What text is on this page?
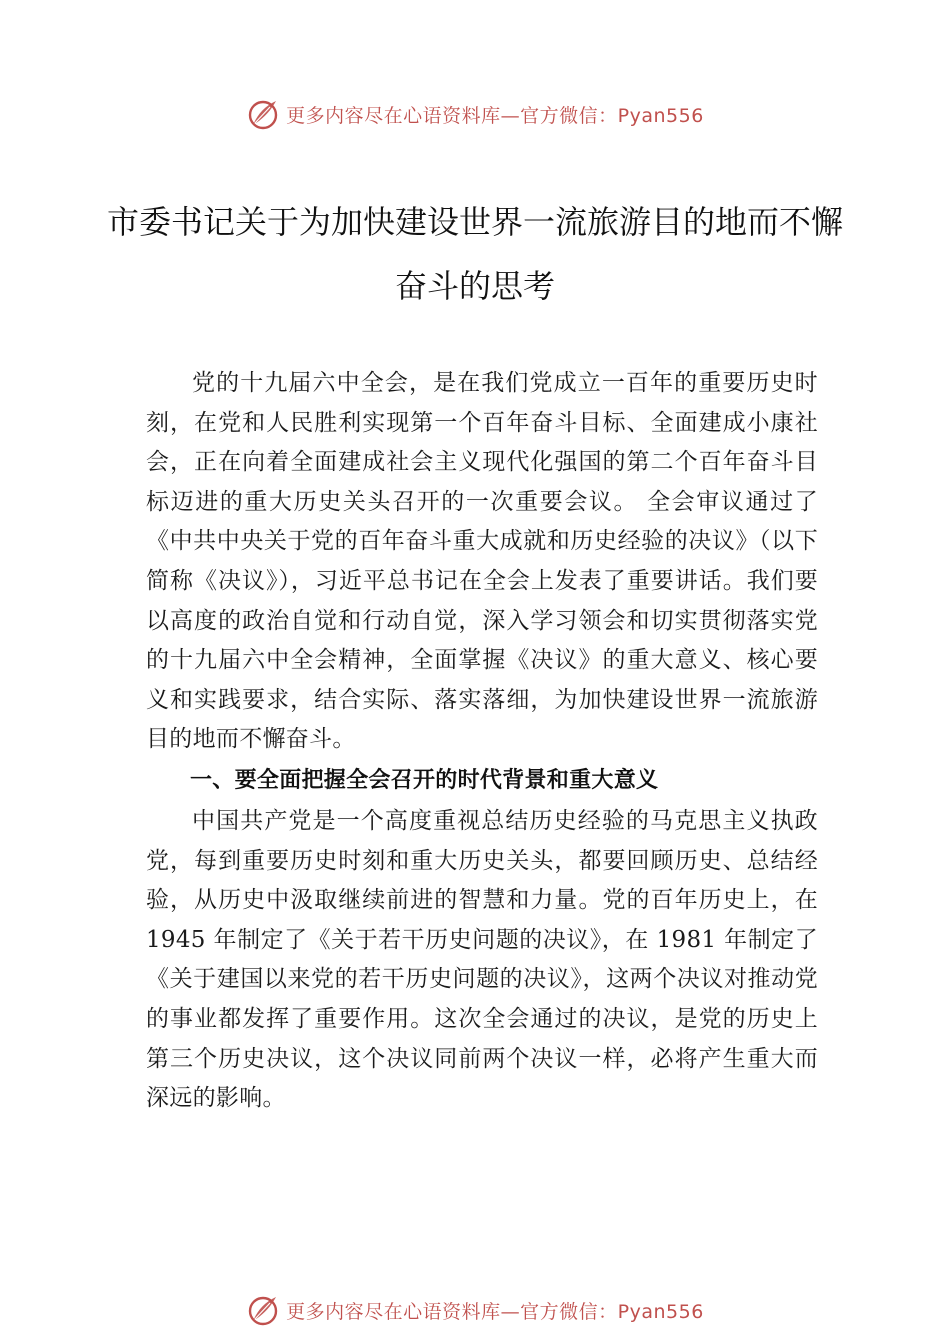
更多内容尽在心语资料库—官方微信：Pyan556
市委书记关于为加快建设世界一流旅游目的地而不懈奋斗的思考

党的十九届六中全会，是在我们党成立一百年的重要历史时刻，在党和人民胜利实现第一个百年奋斗目标、全面建成小康社会，正在向着全面建成社会主义现代化强国的第二个百年奋斗目标迈进的重大历史关头召开的一次重要会议。 全会审议通过了《中共中央关于党的百年奋斗重大成就和历史经验的决议》（以下简称《决议》），习近平总书记在全会上发表了重要讲话。我们要以高度的政治自觉和行动自觉，深入学习领会和切实贯彻落实党的十九届六中全会精神，全面掌握《决议》的重大意义、核心要义和实践要求，结合实际、落实落细，为加快建设世界一流旅游目的地而不懈奋斗。

一、要全面把握全会召开的时代背景和重大意义

中国共产党是一个高度重视总结历史经验的马克思主义执政党，每到重要历史时刻和重大历史关头，都要回顾历史、总结经验，从历史中汲取继续前进的智慧和力量。党的百年历史上，在 1945 年制定了《关于若干历史问题的决议》，在 1981 年制定了《关于建国以来党的若干历史问题的决议》，这两个决议对推动党的事业都发挥了重要作用。这次全会通过的决议，是党的历史上第三个历史决议，这个决议同前两个决议一样，必将产生重大而深远的影响。

更多内容尽在心语资料库—官方微信：Pyan556
